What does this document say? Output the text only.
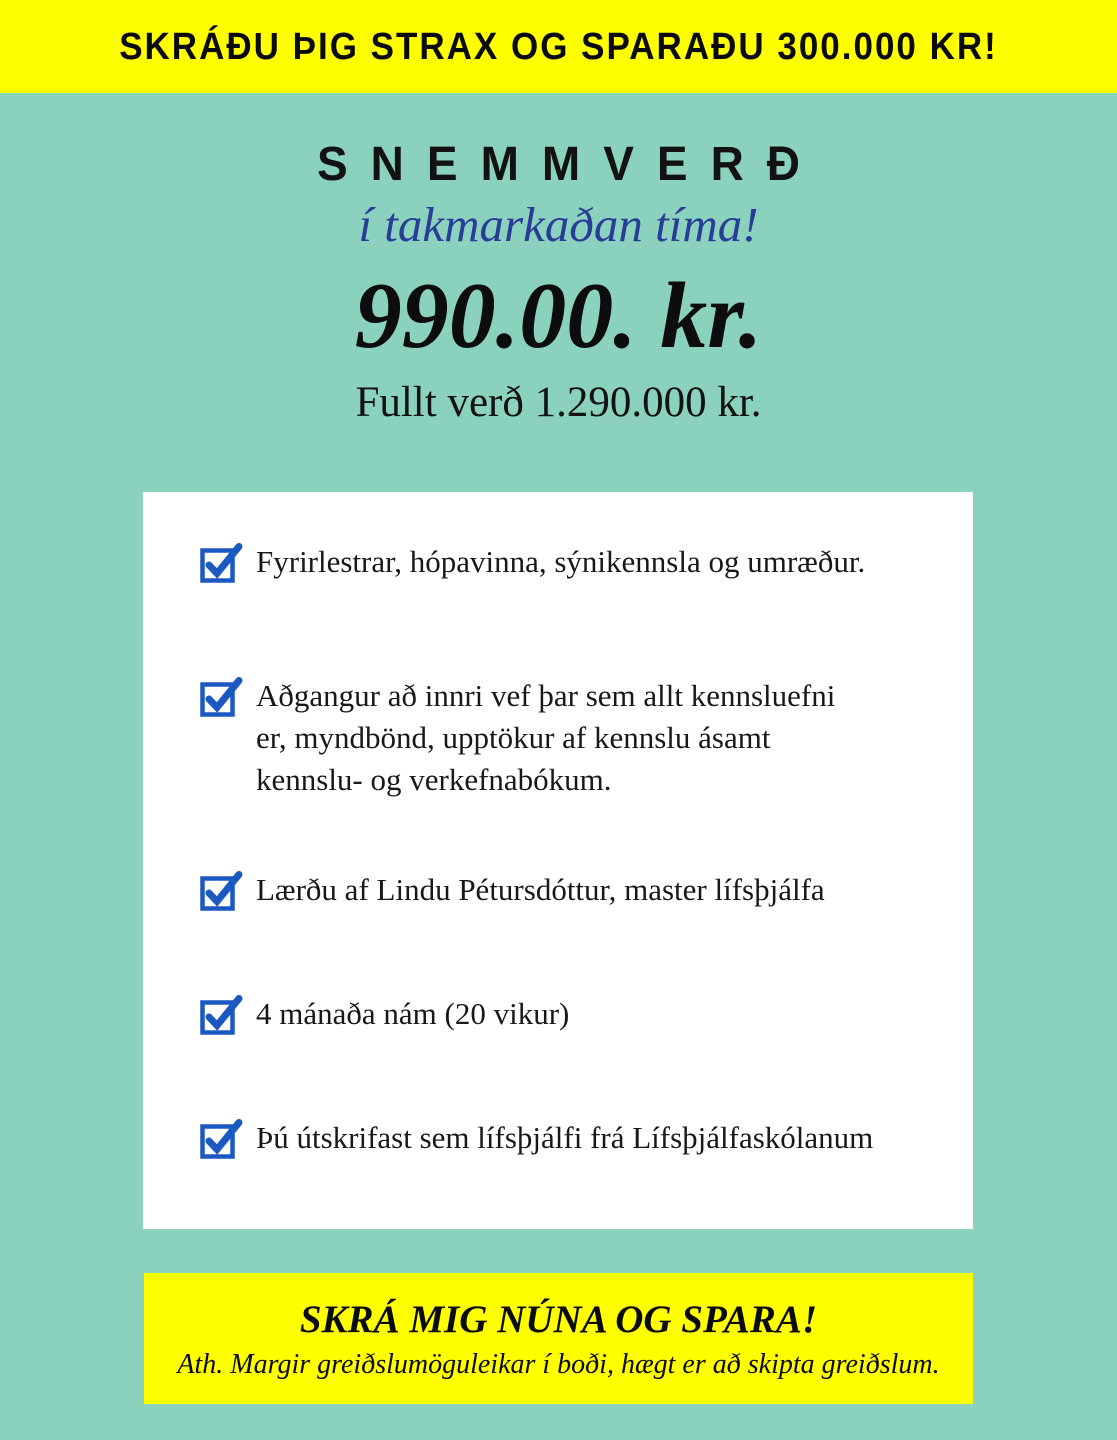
SKRÁÐU ÞIG STRAX OG SPARAÐU 300.000 KR!
SNEMMVERÐ
í takmarkaðan tíma!
990.00. kr.
Fullt verð 1.290.000 kr.
Fyrirlestrar, hópavinna, sýnikennsla og umræður.
Aðgangur að innri vef þar sem allt kennsluefni
er, myndbönd, upptökur af kennslu ásamt
kennslu- og verkefnabókum.
Lærðu af Lindu Pétursdóttur, master lífsþjálfa
4 mánaða nám (20 vikur)
Þú útskrifast sem lífsþjálfi frá Lífsþjálfaskólanum
SKRÁ MIG NÚNA OG SPARA!
Ath. Margir greiðslumöguleikar í boði, hægt er að skipta greiðslum.
